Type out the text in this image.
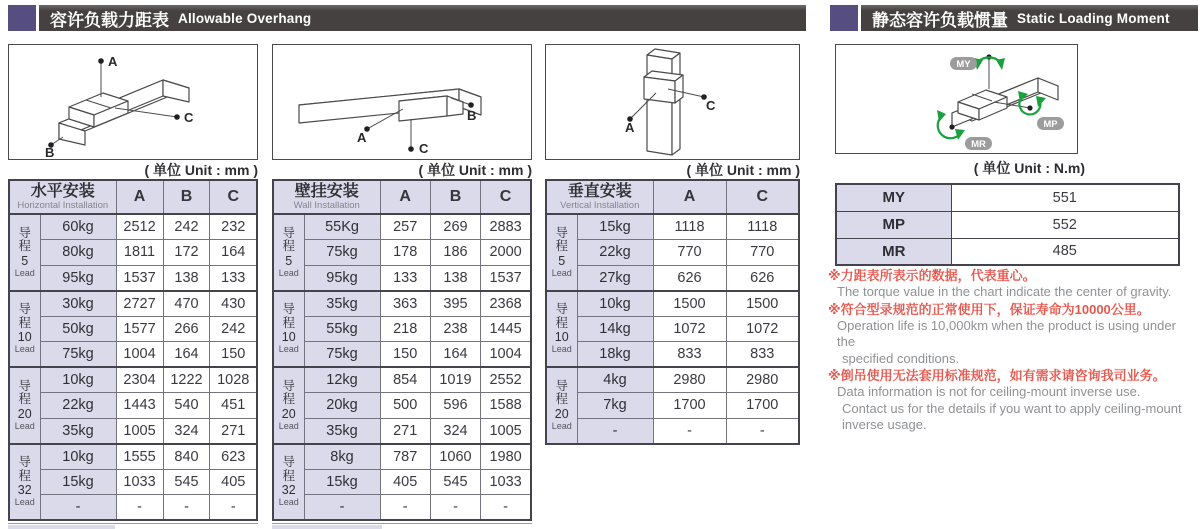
容许负载力距表 Allowable Overhang	静态容许负载惯量 Static Loading Moment
A
C
B
( 单位 Unit : mm )
水平安装
Horizontal Installation		A	B	C

导
程
5
Lead	60kg	2512	242	232
	80kg	1811	172	164
	95kg	1537	138	133

导
程
10
Lead	30kg	2727	470	430
	50kg	1577	266	242
	75kg	1004	164	150

导
程
20
Lead	10kg	2304	1222	1028
	22kg	1443	540	451
	35kg	1005	324	271

导
程
32
Lead	10kg	1555	840	623
	15kg	1033	545	405
	-	-	-	-
A
C
B
( 单位 Unit : mm )
壁挂安装
Wall Installation		A	B	C

导
程
5
Lead	55Kg	257	269	2883
	75kg	178	186	2000
	95kg	133	138	1537

导
程
10
Lead	35kg	363	395	2368
	55kg	218	238	1445
	75kg	150	164	1004

导
程
20
Lead	12kg	854	1019	2552
	20kg	500	596	1588
	35kg	271	324	1005

导
程
32
Lead	8kg	787	1060	1980
	15kg	405	545	1033
	-	-	-	-
A
C
( 单位 Unit : mm )
垂直安装
Vertical Installation		A	C

导
程
5
Lead	15kg	1118	1118
	22kg	770	770
	27kg	626	626

导
程
10
Lead	10kg	1500	1500
	14kg	1072	1072
	18kg	833	833

导
程
20
Lead	4kg	2980	2980
	7kg	1700	1700
	-	-	-
MY
MP
MR
( 单位 Unit : N.m)
MY	551
MP	552
MR	485
※力距表所表示的数据，代表重心。
The torque value in the chart indicate the center of gravity.
※符合型录规范的正常使用下，保证寿命为10000公里。
Operation life is 10,000km when the product is using under the
specified conditions.
※倒吊使用无法套用标准规范，如有需求请咨询我司业务。
Data information is not for ceiling-mount inverse use.
Contact us for the details if you want to apply ceiling-mount
inverse usage.
